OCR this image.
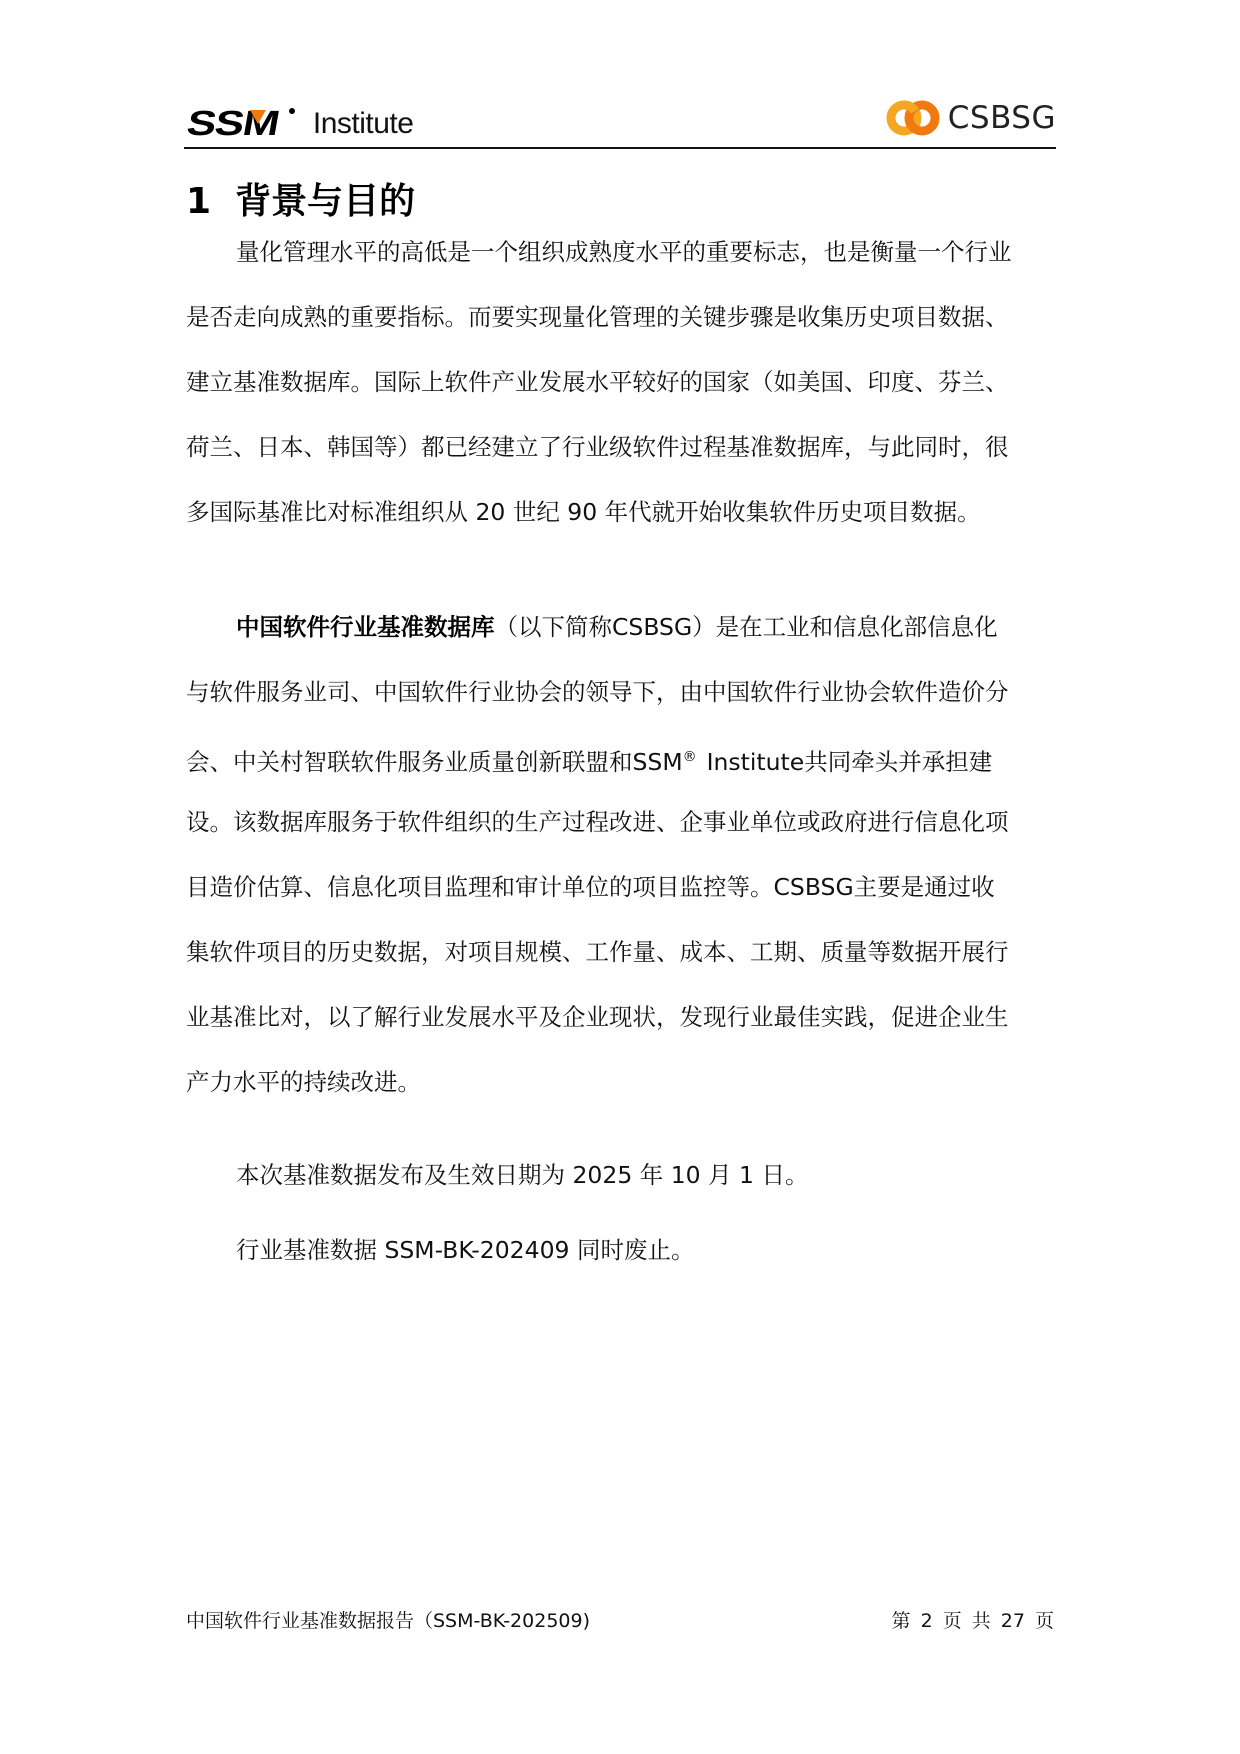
SSM Institute	CSBSG
1 背景与目的
量化管理水平的高低是一个组织成熟度水平的重要标志，也是衡量一个行业
是否走向成熟的重要指标。而要实现量化管理的关键步骤是收集历史项目数据、
建立基准数据库。国际上软件产业发展水平较好的国家（如美国、印度、芬兰、
荷兰、日本、韩国等）都已经建立了行业级软件过程基准数据库，与此同时，很
多国际基准比对标准组织从 20 世纪 90 年代就开始收集软件历史项目数据。
中国软件行业基准数据库（以下简称CSBSG）是在工业和信息化部信息化
与软件服务业司、中国软件行业协会的领导下，由中国软件行业协会软件造价分
会、中关村智联软件服务业质量创新联盟和SSM® Institute共同牵头并承担建
设。该数据库服务于软件组织的生产过程改进、企事业单位或政府进行信息化项
目造价估算、信息化项目监理和审计单位的项目监控等。CSBSG主要是通过收
集软件项目的历史数据，对项目规模、工作量、成本、工期、质量等数据开展行
业基准比对，以了解行业发展水平及企业现状，发现行业最佳实践，促进企业生
产力水平的持续改进。
本次基准数据发布及生效日期为 2025 年 10 月 1 日。
行业基准数据 SSM-BK-202409 同时废止。
中国软件行业基准数据报告（SSM-BK-202509)	第 2 页 共 27 页
